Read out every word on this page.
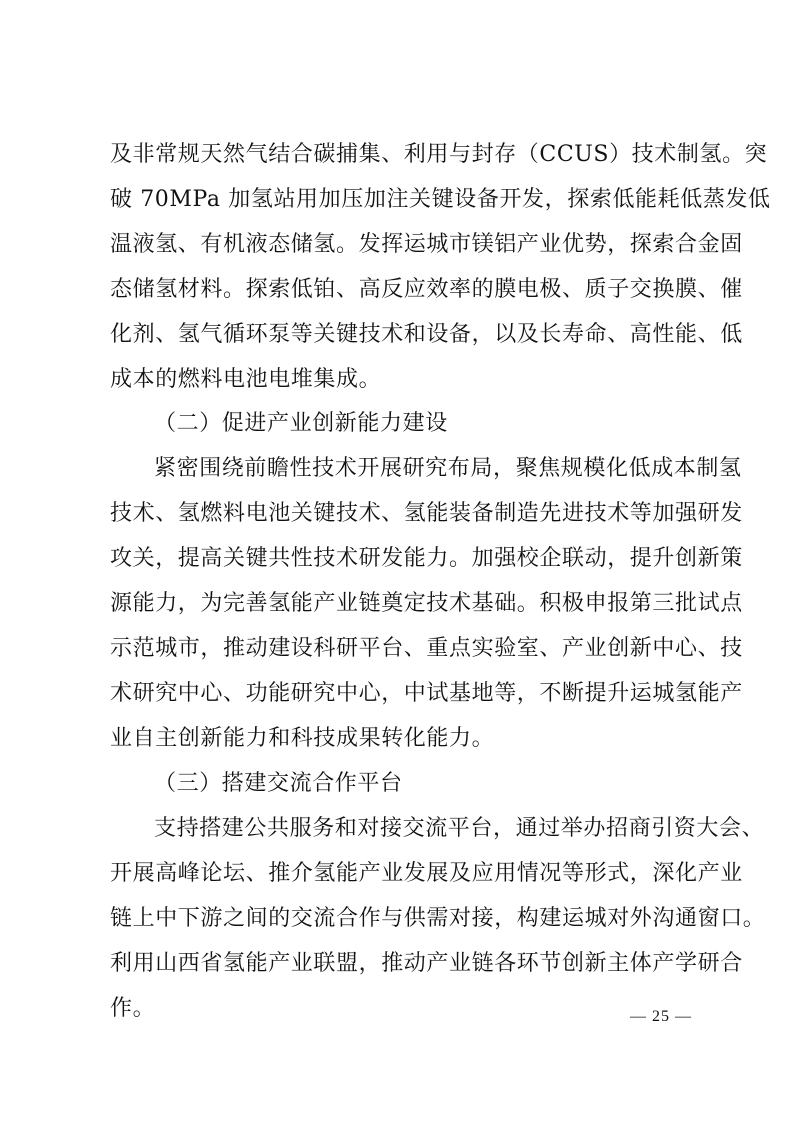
及非常规天然气结合碳捕集、利用与封存（CCUS）技术制氢。突
破 70MPa 加氢站用加压加注关键设备开发，探索低能耗低蒸发低
温液氢、有机液态储氢。发挥运城市镁铝产业优势，探索合金固
态储氢材料。探索低铂、高反应效率的膜电极、质子交换膜、催
化剂、氢气循环泵等关键技术和设备，以及长寿命、高性能、低
成本的燃料电池电堆集成。
（二）促进产业创新能力建设
紧密围绕前瞻性技术开展研究布局，聚焦规模化低成本制氢
技术、氢燃料电池关键技术、氢能装备制造先进技术等加强研发
攻关，提高关键共性技术研发能力。加强校企联动，提升创新策
源能力，为完善氢能产业链奠定技术基础。积极申报第三批试点
示范城市，推动建设科研平台、重点实验室、产业创新中心、技
术研究中心、功能研究中心，中试基地等，不断提升运城氢能产
业自主创新能力和科技成果转化能力。
（三）搭建交流合作平台
支持搭建公共服务和对接交流平台，通过举办招商引资大会、
开展高峰论坛、推介氢能产业发展及应用情况等形式，深化产业
链上中下游之间的交流合作与供需对接，构建运城对外沟通窗口。
利用山西省氢能产业联盟，推动产业链各环节创新主体产学研合
作。	— 25 —
